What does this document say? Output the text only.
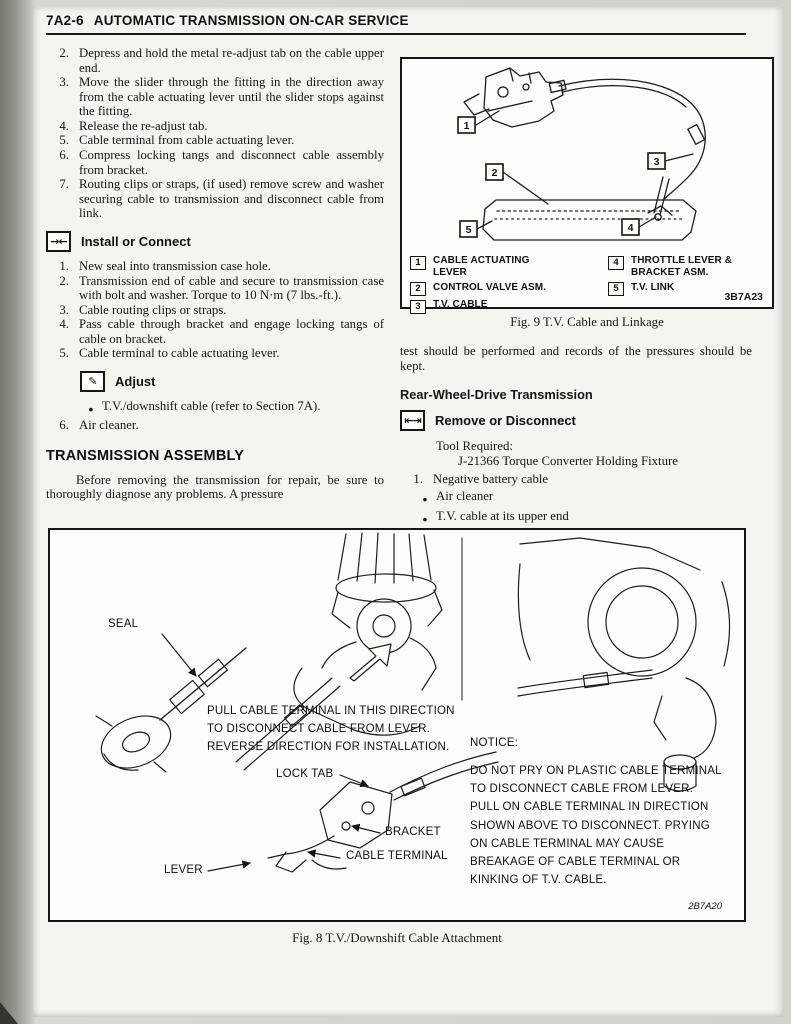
7A2-6 AUTOMATIC TRANSMISSION ON-CAR SERVICE
2. Depress and hold the metal re-adjust tab on the cable upper end.
3. Move the slider through the fitting in the direction away from the cable actuating lever until the slider stops against the fitting.
4. Release the re-adjust tab.
5. Cable terminal from cable actuating lever.
6. Compress locking tangs and disconnect cable assembly from bracket.
7. Routing clips or straps, (if used) remove screw and washer securing cable to transmission and disconnect cable from link.
→←	Install or Connect
1. New seal into transmission case hole.
2. Transmission end of cable and secure to transmission case with bolt and washer. Torque to 10 N·m (7 lbs.-ft.).
3. Cable routing clips or straps.
4. Pass cable through bracket and engage locking tangs of cable on bracket.
5. Cable terminal to cable actuating lever.
✎	Adjust
●
T.V./downshift cable (refer to Section 7A).
6. Air cleaner.
TRANSMISSION ASSEMBLY
Before removing the transmission for repair, be sure to thoroughly diagnose any problems. A pressure
1
2
3
4
5
1	CABLE ACTUATING LEVER
2	CONTROL VALVE ASM.
3	T.V. CABLE
4	THROTTLE LEVER & BRACKET ASM.
5	T.V. LINK
3B7A23
Fig. 9 T.V. Cable and Linkage
test should be performed and records of the pressures should be kept.
Rear-Wheel-Drive Transmission
⇤⇥	Remove or Disconnect
Tool Required:
J-21366 Torque Converter Holding Fixture
1. Negative battery cable
●
Air cleaner
●
T.V. cable at its upper end
SEAL
PULL CABLE TERMINAL IN THIS DIRECTION
TO DISCONNECT CABLE FROM LEVER.
REVERSE DIRECTION FOR INSTALLATION.
LOCK TAB
BRACKET
CABLE TERMINAL
LEVER
NOTICE:
DO NOT PRY ON PLASTIC CABLE TERMINAL
TO DISCONNECT CABLE FROM LEVER.
PULL ON CABLE TERMINAL IN DIRECTION
SHOWN ABOVE TO DISCONNECT. PRYING
ON CABLE TERMINAL MAY CAUSE
BREAKAGE OF CABLE TERMINAL OR
KINKING OF T.V. CABLE.
2B7A20
Fig. 8 T.V./Downshift Cable Attachment
